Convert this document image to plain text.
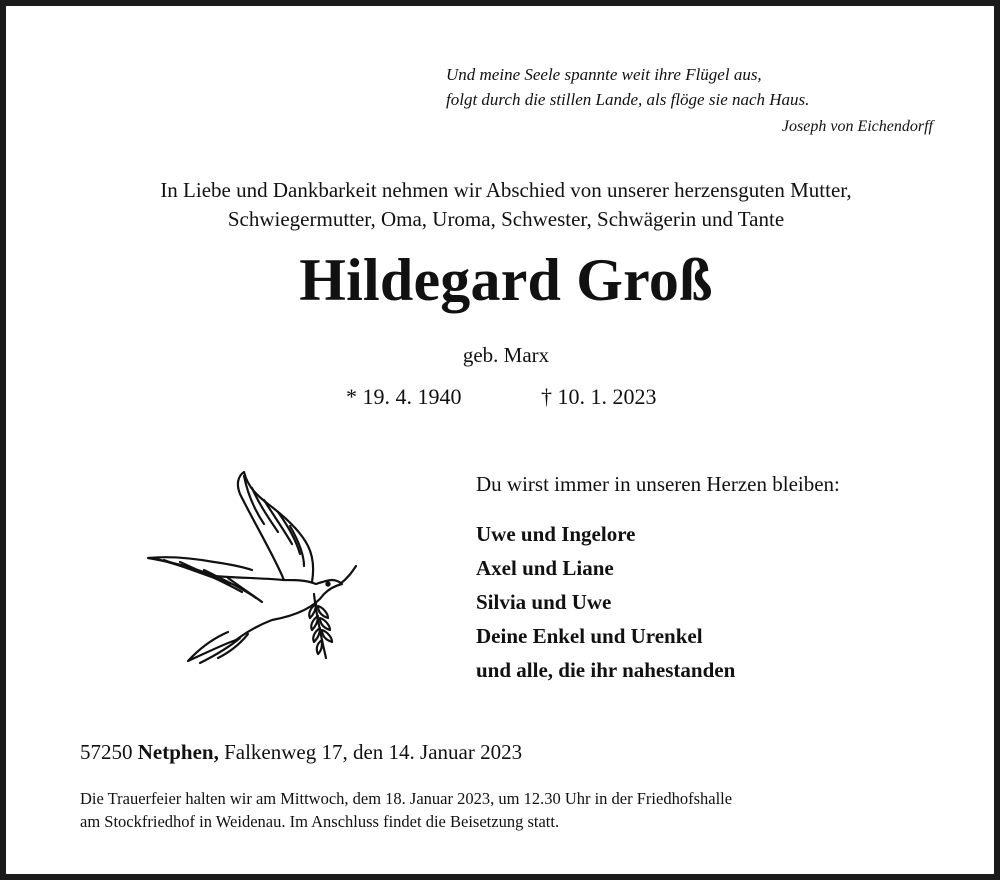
Und meine Seele spannte weit ihre Flügel aus,
folgt durch die stillen Lande, als flöge sie nach Haus.
Joseph von Eichendorff
In Liebe und Dankbarkeit nehmen wir Abschied von unserer herzensguten Mutter,
Schwiegermutter, Oma, Uroma, Schwester, Schwägerin und Tante
Hildegard Groß
geb. Marx
* 19. 4. 1940	† 10. 1. 2023
Du wirst immer in unseren Herzen bleiben:
Uwe und Ingelore
Axel und Liane
Silvia und Uwe
Deine Enkel und Urenkel
und alle, die ihr nahestanden
57250 Netphen, Falkenweg 17, den 14. Januar 2023
Die Trauerfeier halten wir am Mittwoch, dem 18. Januar 2023, um 12.30 Uhr in der Friedhofshalle
am Stockfriedhof in Weidenau. Im Anschluss findet die Beisetzung statt.
